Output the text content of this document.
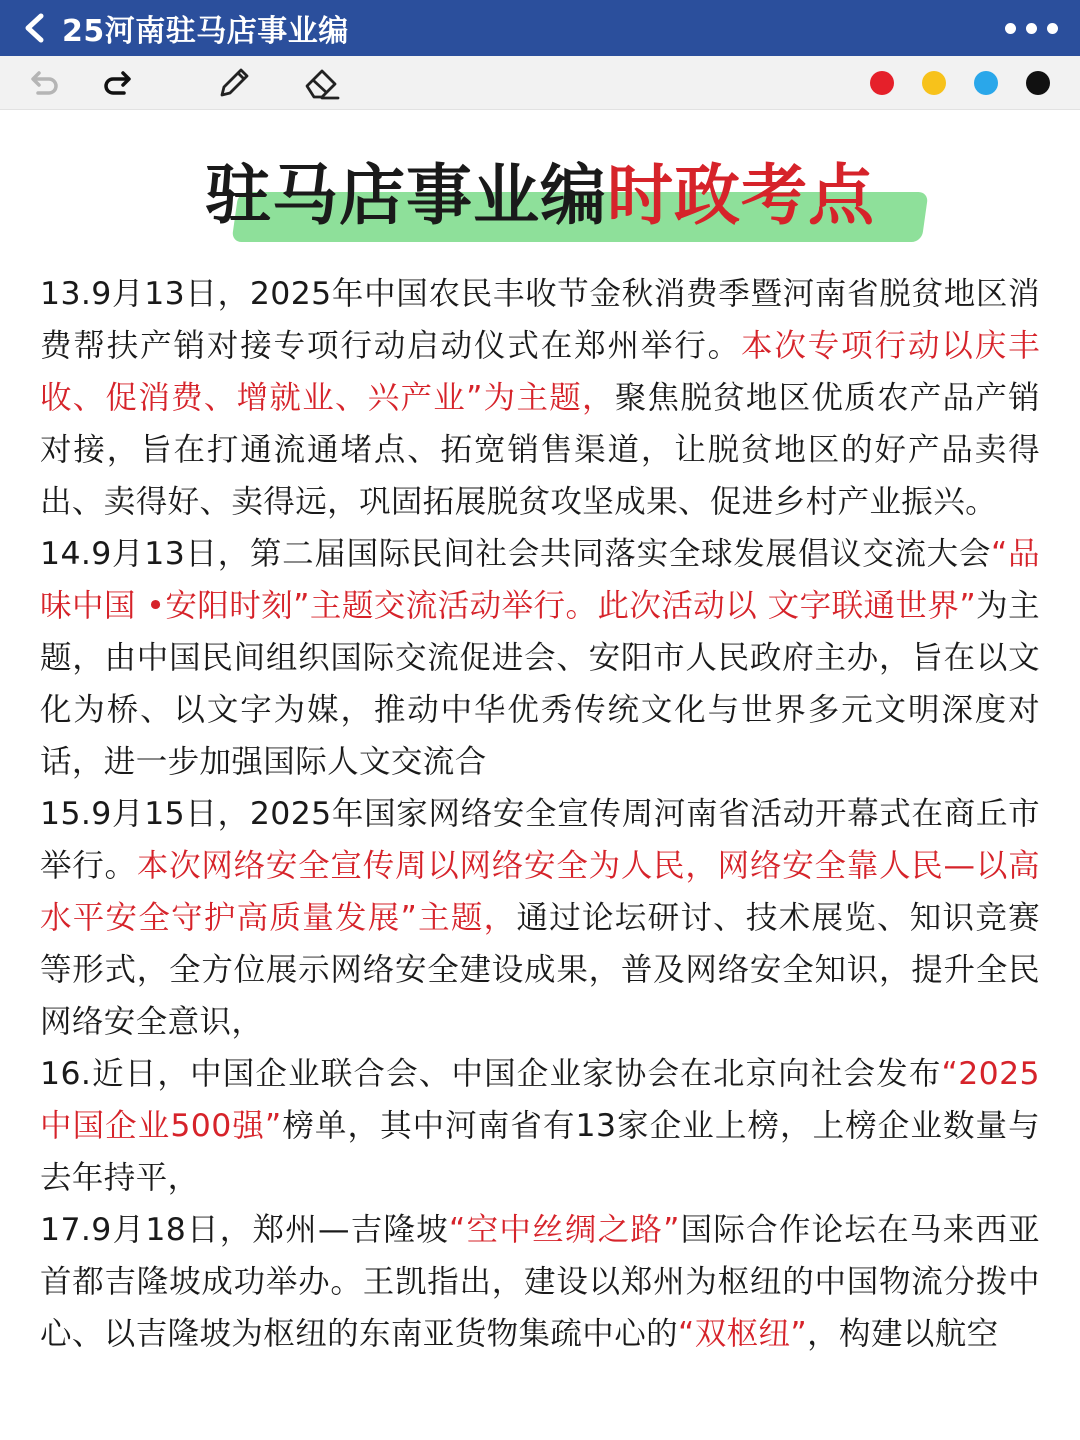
25河南驻马店事业编
驻马店事业编时政考点

13.9月13日，2025年中国农民丰收节金秋消费季暨河南省脱贫地区消费帮扶产销对接专项行动启动仪式在郑州举行。本次专项行动以庆丰收、促消费、增就业、兴产业”为主题，聚焦脱贫地区优质农产品产销对接，旨在打通流通堵点、拓宽销售渠道，让脱贫地区的好产品卖得出、卖得好、卖得远，巩固拓展脱贫攻坚成果、促进乡村产业振兴。

14.9月13日，第二届国际民间社会共同落实全球发展倡议交流大会“品味中国 •安阳时刻”主题交流活动举行。此次活动以 文字联通世界”为主题，由中国民间组织国际交流促进会、安阳市人民政府主办，旨在以文化为桥、以文字为媒，推动中华优秀传统文化与世界多元文明深度对话，进一步加强国际人文交流合

15.9月15日，2025年国家网络安全宣传周河南省活动开幕式在商丘市举行。本次网络安全宣传周以网络安全为人民，网络安全靠人民—以高水平安全守护高质量发展”主题，通过论坛研讨、技术展览、知识竞赛等形式，全方位展示网络安全建设成果，普及网络安全知识，提升全民网络安全意识，

16.近日，中国企业联合会、中国企业家协会在北京向社会发布“2025 中国企业500强”榜单，其中河南省有13家企业上榜，上榜企业数量与去年持平，

17.9月18日，郑州—吉隆坡“空中丝绸之路”国际合作论坛在马来西亚首都吉隆坡成功举办。王凯指出，建设以郑州为枢纽的中国物流分拨中心、以吉隆坡为枢纽的东南亚货物集疏中心的“双枢纽”，构建以航空
